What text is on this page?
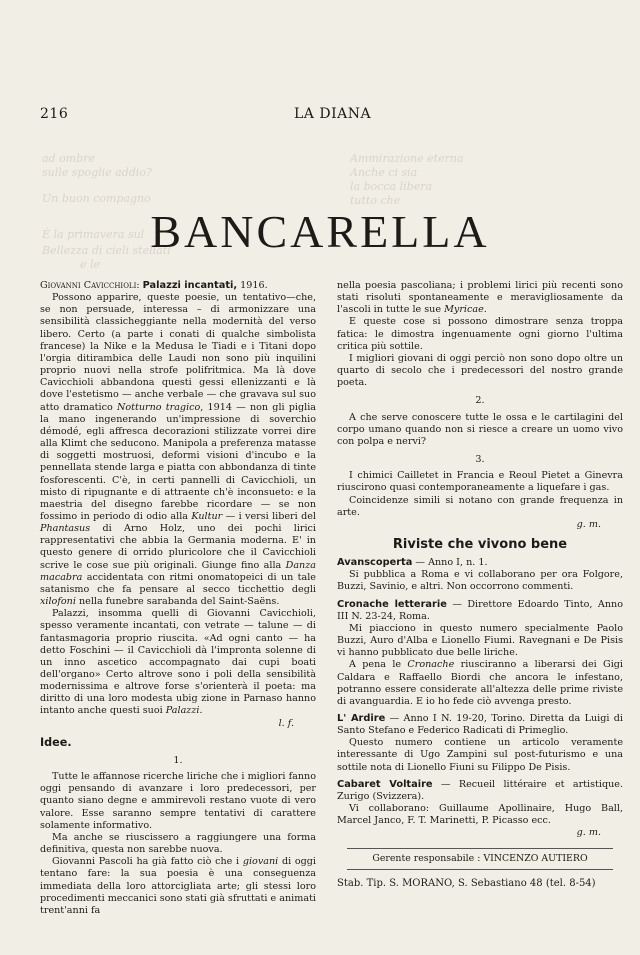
ad ombre
sulle spoglie addio?
Un buon compagno
È la primavera sul
Bellezza di cieli stellati
e le
Ammirazione eterna
Anche ci sia
la bocca libera
tutto che
216	LA DIANA
BANCARELLA

Giovanni Cavicchioli: Palazzi incantati, 1916.

Possono apparire, queste poesie, un tentativo—che, se non persuade, interessa – di armonizzare una sensibilità classicheggiante nella modernità del verso libero. Certo (a parte i conati di qualche simbolista francese) la Nike e la Medusa le Tiadi e i Titani dopo l'orgia ditirambica delle Laudi non sono più inquilini proprio nuovi nella strofe polifritmica. Ma là dove Cavicchioli abbandona questi gessi ellenizzanti e là dove l'estetismo — anche verbale — che gravava sul suo atto dramatico Notturno tragico, 1914 — non gli piglia la mano ingenerando un'impressione di soverchio démodé, egli affresca decorazioni stilizzate vorrei dire alla Klimt che seducono. Manipola a preferenza matasse di soggetti mostruosi, deformi visioni d'incubo e la pennellata stende larga e piatta con abbondanza di tinte fosforescenti. C'è, in certi pannelli di Cavicchioli, un misto di ripugnante e di attraente ch'è inconsueto: e la maestria del disegno farebbe ricordare — se non fossimo in periodo di odio alla Kultur — i versi liberi del Phantasus di Arno Holz, uno dei pochi lirici rappresentativi che abbia la Germania moderna. E' in questo genere di orrido pluricolore che il Cavicchioli scrive le cose sue più originali. Giunge fino alla Danza macabra accidentata con ritmi onomatopeici di un tale satanismo che fa pensare al secco ticchettio degli xilofoni nella funebre sarabanda del Saint-Saëns.

Palazzi, insomma quelli di Giovanni Cavicchioli, spesso veramente incantati, con vetrate — talune — di fantasmagoria proprio riuscita. «Ad ogni canto — ha detto Foschini — il Cavicchioli dà l'impronta solenne di un inno ascetico accompagnato dai cupi boati dell'organo» Certo altrove sono i poli della sensibilità modernissima e altrove forse s'orienterà il poeta: ma diritto di una loro modesta ubig zione in Parnaso hanno intanto anche questi suoi Palazzi.

l. f.

Idee.
1.

Tutte le affannose ricerche liriche che i migliori fanno oggi pensando di avanzare i loro predecessori, per quanto siano degne e ammirevoli restano vuote di vero valore. Esse saranno sempre tentativi di carattere solamente informativo.

Ma anche se riuscissero a raggiungere una forma definitiva, questa non sarebbe nuova.

Giovanni Pascoli ha già fatto ciò che i giovani di oggi tentano fare: la sua poesia è una conseguenza immediata della loro attorcigliata arte; gli stessi loro procedimenti meccanici sono stati già sfruttati e animati trent'anni fa

nella poesia pascoliana; i problemi lirici più recenti sono stati risoluti spontaneamente e meravigliosamente da l'ascoli in tutte le sue Myricae.

E queste cose si possono dimostrare senza troppa fatica: le dimostra ingenuamente ogni giorno l'ultima critica più sottile.

I migliori giovani di oggi perciò non sono dopo oltre un quarto di secolo che i predecessori del nostro grande poeta.

2.

A che serve conoscere tutte le ossa e le cartilagini del corpo umano quando non si riesce a creare un uomo vivo con polpa e nervi?

3.

I chimici Cailletet in Francia e Reoul Pietet a Ginevra riuscirono quasi contemporaneamente a liquefare i gas.

Coincidenze simili si notano con grande frequenza in arte.

g. m.

Riviste che vivono bene

Avanscoperta — Anno I, n. 1.

Si pubblica a Roma e vi collaborano per ora Folgore, Buzzi, Savinio, e altri. Non occorrono commenti.

Cronache letterarie — Direttore Edoardo Tinto, Anno III N. 23-24, Roma.

Mi piacciono in questo numero specialmente Paolo Buzzi, Auro d'Alba e Lionello Fiumi. Ravegnani e De Pisis vi hanno pubblicato due belle liriche.

A pena le Cronache riusciranno a liberarsi dei Gigi Caldara e Raffaello Biordi che ancora le infestano, potranno essere considerate all'altezza delle prime riviste di avanguardia. E io ho fede ciò avvenga presto.

L' Ardire — Anno I N. 19-20, Torino. Diretta da Luigi di Santo Stefano e Federico Radicati di Primeglio.

Questo numero contiene un articolo veramente interessante di Ugo Zampini sul post-futurismo e una sottile nota di Lionello Fiuni su Filippo De Pisis.

Cabaret Voltaire — Recueil littéraire et artistique. Zurigo (Svizzera).

Vi collaborano: Guillaume Apollinaire, Hugo Ball, Marcel Janco, F. T. Marinetti, P. Picasso ecc.

g. m.

Gerente responsabile : VINCENZO AUTIERO
Stab. Tip. S. MORANO, S. Sebastiano 48 (tel. 8-54)
